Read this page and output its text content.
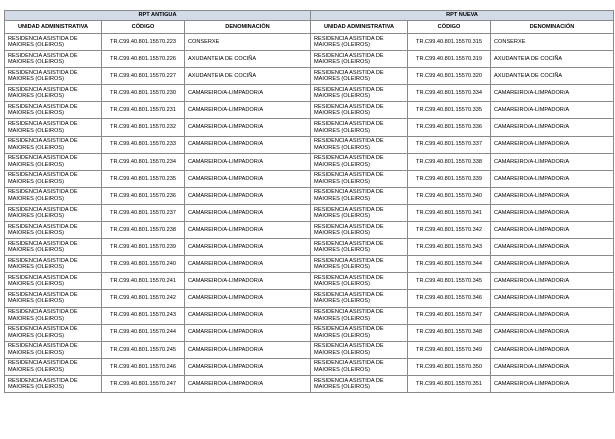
RPT ANTIGUA			RPT NUEVA		
UNIDAD ADMINISTRATIVA	CÓDIGO	DENOMINACIÓN	UNIDAD ADMINISTRATIVA	CÓDIGO	DENOMINACIÓN
RESIDENCIA ASISTIDA DE MAIORES (OLEIROS)	TR.C99.40.801.15570.223	CONSERXE	RESIDENCIA ASISTIDA DE MAIORES (OLEIROS)	TR.C99.40.801.15570.315	CONSERXE
RESIDENCIA ASISTIDA DE MAIORES (OLEIROS)	TR.C99.40.801.15570.226	AXUDANTEIA DE COCIÑA	RESIDENCIA ASISTIDA DE MAIORES (OLEIROS)	TR.C99.40.801.15570.319	AXUDANTEIA DE COCIÑA
RESIDENCIA ASISTIDA DE MAIORES (OLEIROS)	TR.C99.40.801.15570.227	AXUDANTEIA DE COCIÑA	RESIDENCIA ASISTIDA DE MAIORES (OLEIROS)	TR.C99.40.801.15570.320	AXUDANTEIA DE COCIÑA
RESIDENCIA ASISTIDA DE MAIORES (OLEIROS)	TR.C99.40.801.15570.230	CAMAREIRO/A-LIMPADOR/A	RESIDENCIA ASISTIDA DE MAIORES (OLEIROS)	TR.C99.40.801.15570.334	CAMAREIRO/A-LIMPADOR/A
RESIDENCIA ASISTIDA DE MAIORES (OLEIROS)	TR.C99.40.801.15570.231	CAMAREIRO/A-LIMPADOR/A	RESIDENCIA ASISTIDA DE MAIORES (OLEIROS)	TR.C99.40.801.15570.335	CAMAREIRO/A-LIMPADOR/A
RESIDENCIA ASISTIDA DE MAIORES (OLEIROS)	TR.C99.40.801.15570.232	CAMAREIRO/A-LIMPADOR/A	RESIDENCIA ASISTIDA DE MAIORES (OLEIROS)	TR.C99.40.801.15570.336	CAMAREIRO/A-LIMPADOR/A
RESIDENCIA ASISTIDA DE MAIORES (OLEIROS)	TR.C99.40.801.15570.233	CAMAREIRO/A-LIMPADOR/A	RESIDENCIA ASISTIDA DE MAIORES (OLEIROS)	TR.C99.40.801.15570.337	CAMAREIRO/A-LIMPADOR/A
RESIDENCIA ASISTIDA DE MAIORES (OLEIROS)	TR.C99.40.801.15570.234	CAMAREIRO/A-LIMPADOR/A	RESIDENCIA ASISTIDA DE MAIORES (OLEIROS)	TR.C99.40.801.15570.338	CAMAREIRO/A-LIMPADOR/A
RESIDENCIA ASISTIDA DE MAIORES (OLEIROS)	TR.C99.40.801.15570.235	CAMAREIRO/A-LIMPADOR/A	RESIDENCIA ASISTIDA DE MAIORES (OLEIROS)	TR.C99.40.801.15570.339	CAMAREIRO/A-LIMPADOR/A
RESIDENCIA ASISTIDA DE MAIORES (OLEIROS)	TR.C99.40.801.15570.236	CAMAREIRO/A-LIMPADOR/A	RESIDENCIA ASISTIDA DE MAIORES (OLEIROS)	TR.C99.40.801.15570.340	CAMAREIRO/A-LIMPADOR/A
RESIDENCIA ASISTIDA DE MAIORES (OLEIROS)	TR.C99.40.801.15570.237	CAMAREIRO/A-LIMPADOR/A	RESIDENCIA ASISTIDA DE MAIORES (OLEIROS)	TR.C99.40.801.15570.341	CAMAREIRO/A-LIMPADOR/A
RESIDENCIA ASISTIDA DE MAIORES (OLEIROS)	TR.C99.40.801.15570.238	CAMAREIRO/A-LIMPADOR/A	RESIDENCIA ASISTIDA DE MAIORES (OLEIROS)	TR.C99.40.801.15570.342	CAMAREIRO/A-LIMPADOR/A
RESIDENCIA ASISTIDA DE MAIORES (OLEIROS)	TR.C99.40.801.15570.239	CAMAREIRO/A-LIMPADOR/A	RESIDENCIA ASISTIDA DE MAIORES (OLEIROS)	TR.C99.40.801.15570.343	CAMAREIRO/A-LIMPADOR/A
RESIDENCIA ASISTIDA DE MAIORES (OLEIROS)	TR.C99.40.801.15570.240	CAMAREIRO/A-LIMPADOR/A	RESIDENCIA ASISTIDA DE MAIORES (OLEIROS)	TR.C99.40.801.15570.344	CAMAREIRO/A-LIMPADOR/A
RESIDENCIA ASISTIDA DE MAIORES (OLEIROS)	TR.C99.40.801.15570.241	CAMAREIRO/A-LIMPADOR/A	RESIDENCIA ASISTIDA DE MAIORES (OLEIROS)	TR.C99.40.801.15570.345	CAMAREIRO/A-LIMPADOR/A
RESIDENCIA ASISTIDA DE MAIORES (OLEIROS)	TR.C99.40.801.15570.242	CAMAREIRO/A-LIMPADOR/A	RESIDENCIA ASISTIDA DE MAIORES (OLEIROS)	TR.C99.40.801.15570.346	CAMAREIRO/A-LIMPADOR/A
RESIDENCIA ASISTIDA DE MAIORES (OLEIROS)	TR.C99.40.801.15570.243	CAMAREIRO/A-LIMPADOR/A	RESIDENCIA ASISTIDA DE MAIORES (OLEIROS)	TR.C99.40.801.15570.347	CAMAREIRO/A-LIMPADOR/A
RESIDENCIA ASISTIDA DE MAIORES (OLEIROS)	TR.C99.40.801.15570.244	CAMAREIRO/A-LIMPADOR/A	RESIDENCIA ASISTIDA DE MAIORES (OLEIROS)	TR.C99.40.801.15570.348	CAMAREIRO/A-LIMPADOR/A
RESIDENCIA ASISTIDA DE MAIORES (OLEIROS)	TR.C99.40.801.15570.245	CAMAREIRO/A-LIMPADOR/A	RESIDENCIA ASISTIDA DE MAIORES (OLEIROS)	TR.C99.40.801.15570.349	CAMAREIRO/A-LIMPADOR/A
RESIDENCIA ASISTIDA DE MAIORES (OLEIROS)	TR.C99.40.801.15570.246	CAMAREIRO/A-LIMPADOR/A	RESIDENCIA ASISTIDA DE MAIORES (OLEIROS)	TR.C99.40.801.15570.350	CAMAREIRO/A-LIMPADOR/A
RESIDENCIA ASISTIDA DE MAIORES (OLEIROS)	TR.C99.40.801.15570.247	CAMAREIRO/A-LIMPADOR/A	RESIDENCIA ASISTIDA DE MAIORES (OLEIROS)	TR.C99.40.801.15570.351	CAMAREIRO/A-LIMPADOR/A
